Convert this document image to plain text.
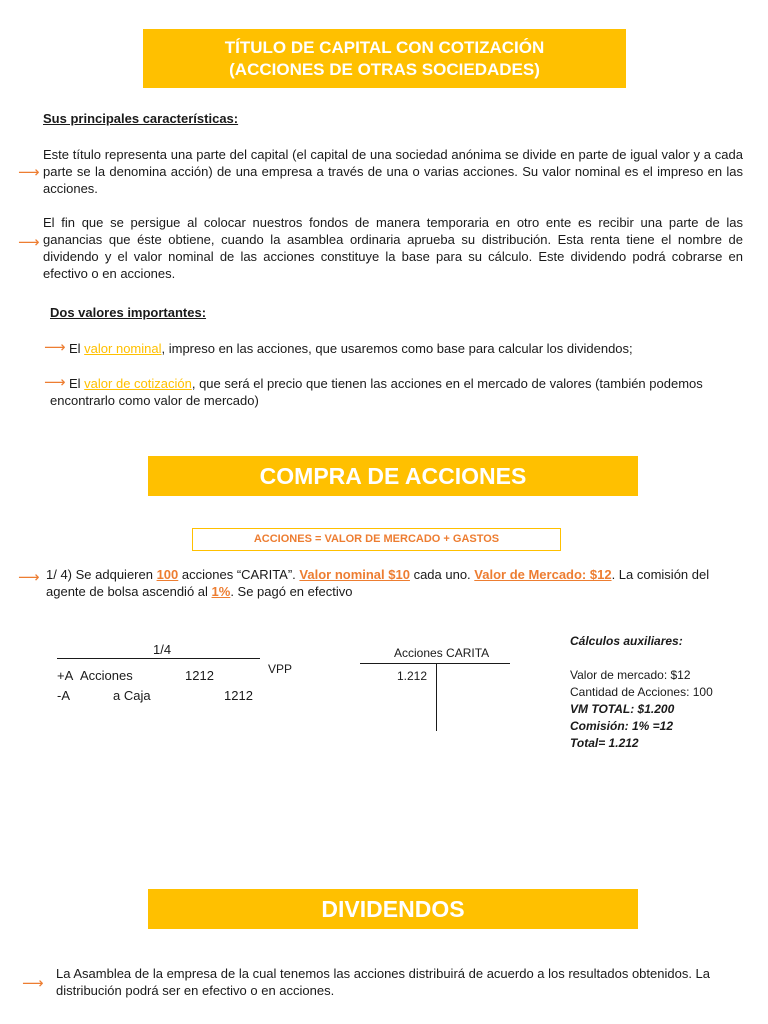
TÍTULO DE CAPITAL CON COTIZACIÓN
(ACCIONES DE OTRAS SOCIEDADES)
Sus principales características:
⟶
Este título representa una parte del capital (el capital de una sociedad anónima se divide en parte de igual valor y a cada parte se la denomina acción) de una empresa a través de una o varias acciones. Su valor nominal es el impreso en las acciones.
⟶
El fin que se persigue al colocar nuestros fondos de manera temporaria en otro ente es recibir una parte de las ganancias que éste obtiene, cuando la asamblea ordinaria aprueba su distribución. Esta renta tiene el nombre de dividendo y el valor nominal de las acciones constituye la base para su cálculo. Este dividendo podrá cobrarse en efectivo o en acciones.
Dos valores importantes:
⟶ El valor nominal, impreso en las acciones, que usaremos como base para calcular los dividendos;
⟶ El valor de cotización, que será el precio que tienen las acciones en el mercado de valores (también podemos encontrarlo como valor de mercado)
COMPRA DE ACCIONES
ACCIONES = VALOR DE MERCADO + GASTOS
⟶ 1/ 4) Se adquieren 100 acciones “CARITA”. Valor nominal $10 cada uno. Valor de Mercado: $12. La comisión del agente de bolsa ascendió al 1%. Se pagó en efectivo
1/4
+A Acciones	1212
-A	a Caja	1212
VPP
Acciones CARITA
1.212
Cálculos auxiliares:
Valor de mercado: $12
Cantidad de Acciones: 100
VM TOTAL: $1.200
Comisión: 1% =12
Total= 1.212
DIVIDENDOS
⟶
La Asamblea de la empresa de la cual tenemos las acciones distribuirá de acuerdo a los resultados obtenidos. La distribución podrá ser en efectivo o en acciones.
